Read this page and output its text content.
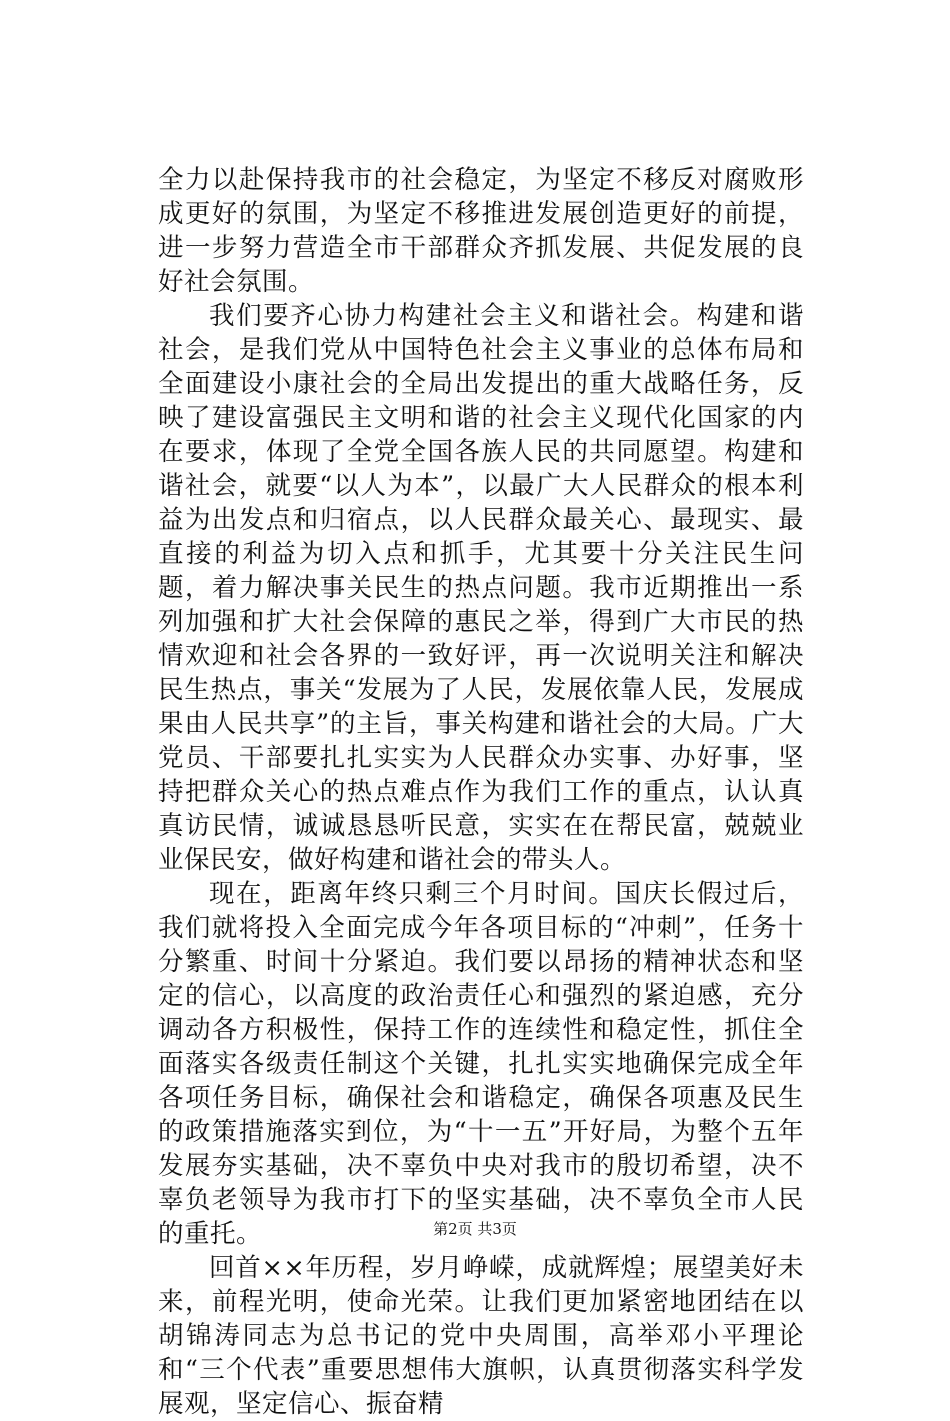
全力以赴保持我市的社会稳定，为坚定不移反对腐败形成更好的氛围，为坚定不移推进发展创造更好的前提，进一步努力营造全市干部群众齐抓发展、共促发展的良好社会氛围。

我们要齐心协力构建社会主义和谐社会。构建和谐社会，是我们党从中国特色社会主义事业的总体布局和全面建设小康社会的全局出发提出的重大战略任务，反映了建设富强民主文明和谐的社会主义现代化国家的内在要求，体现了全党全国各族人民的共同愿望。构建和谐社会，就要“以人为本”，以最广大人民群众的根本利益为出发点和归宿点，以人民群众最关心、最现实、最直接的利益为切入点和抓手，尤其要十分关注民生问题，着力解决事关民生的热点问题。我市近期推出一系列加强和扩大社会保障的惠民之举，得到广大市民的热情欢迎和社会各界的一致好评，再一次说明关注和解决民生热点，事关“发展为了人民，发展依靠人民，发展成果由人民共享”的主旨，事关构建和谐社会的大局。广大党员、干部要扎扎实实为人民群众办实事、办好事，坚持把群众关心的热点难点作为我们工作的重点，认认真真访民情，诚诚恳恳听民意，实实在在帮民富，兢兢业业保民安，做好构建和谐社会的带头人。

现在，距离年终只剩三个月时间。国庆长假过后，我们就将投入全面完成今年各项目标的“冲刺”，任务十分繁重、时间十分紧迫。我们要以昂扬的精神状态和坚定的信心，以高度的政治责任心和强烈的紧迫感，充分调动各方积极性，保持工作的连续性和稳定性，抓住全面落实各级责任制这个关键，扎扎实实地确保完成全年各项任务目标，确保社会和谐稳定，确保各项惠及民生的政策措施落实到位，为“十一五”开好局，为整个五年发展夯实基础，决不辜负中央对我市的殷切希望，决不辜负老领导为我市打下的坚实基础，决不辜负全市人民的重托。

回首××年历程，岁月峥嵘，成就辉煌；展望美好未来，前程光明，使命光荣。让我们更加紧密地团结在以胡锦涛同志为总书记的党中央周围，高举邓小平理论和“三个代表”重要思想伟大旗帜，认真贯彻落实科学发展观，坚定信心、振奋精

第2页 共3页
